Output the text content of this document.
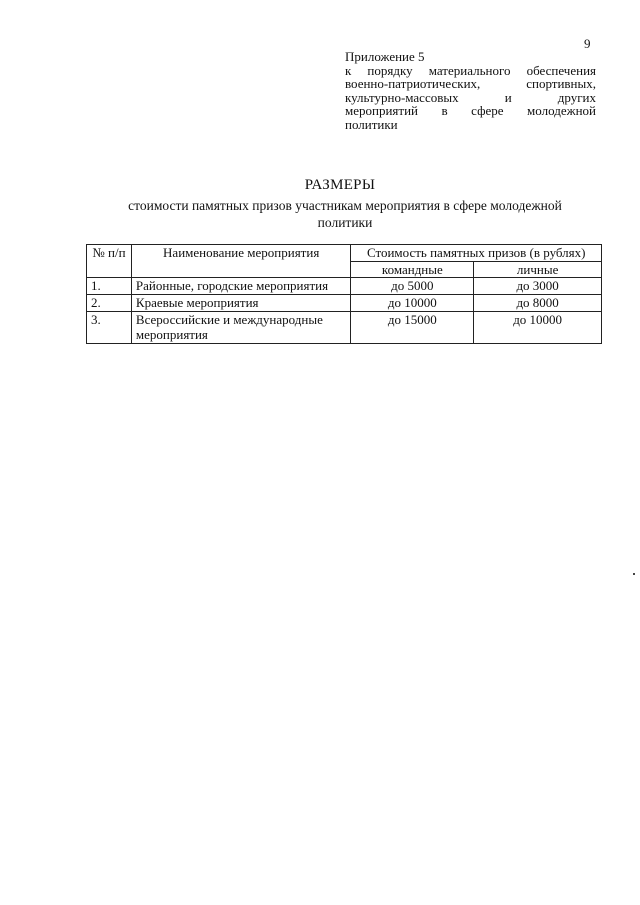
9
Приложение 5
к порядку материального обеспечения
военно-патриотических, спортивных,
культурно-массовых и других
мероприятий в сфере молодежной
политики
РАЗМЕРЫ
стоимости памятных призов участникам мероприятия в сфере молодежной политики
№ п/п	Наименование мероприятия	Стоимость памятных призов (в рублях)	
		командные	личные
1.	Районные, городские мероприятия	до 5000	до 3000
2.	Краевые мероприятия	до 10000	до 8000
3.	Всероссийские и международные мероприятия	до 15000	до 10000
